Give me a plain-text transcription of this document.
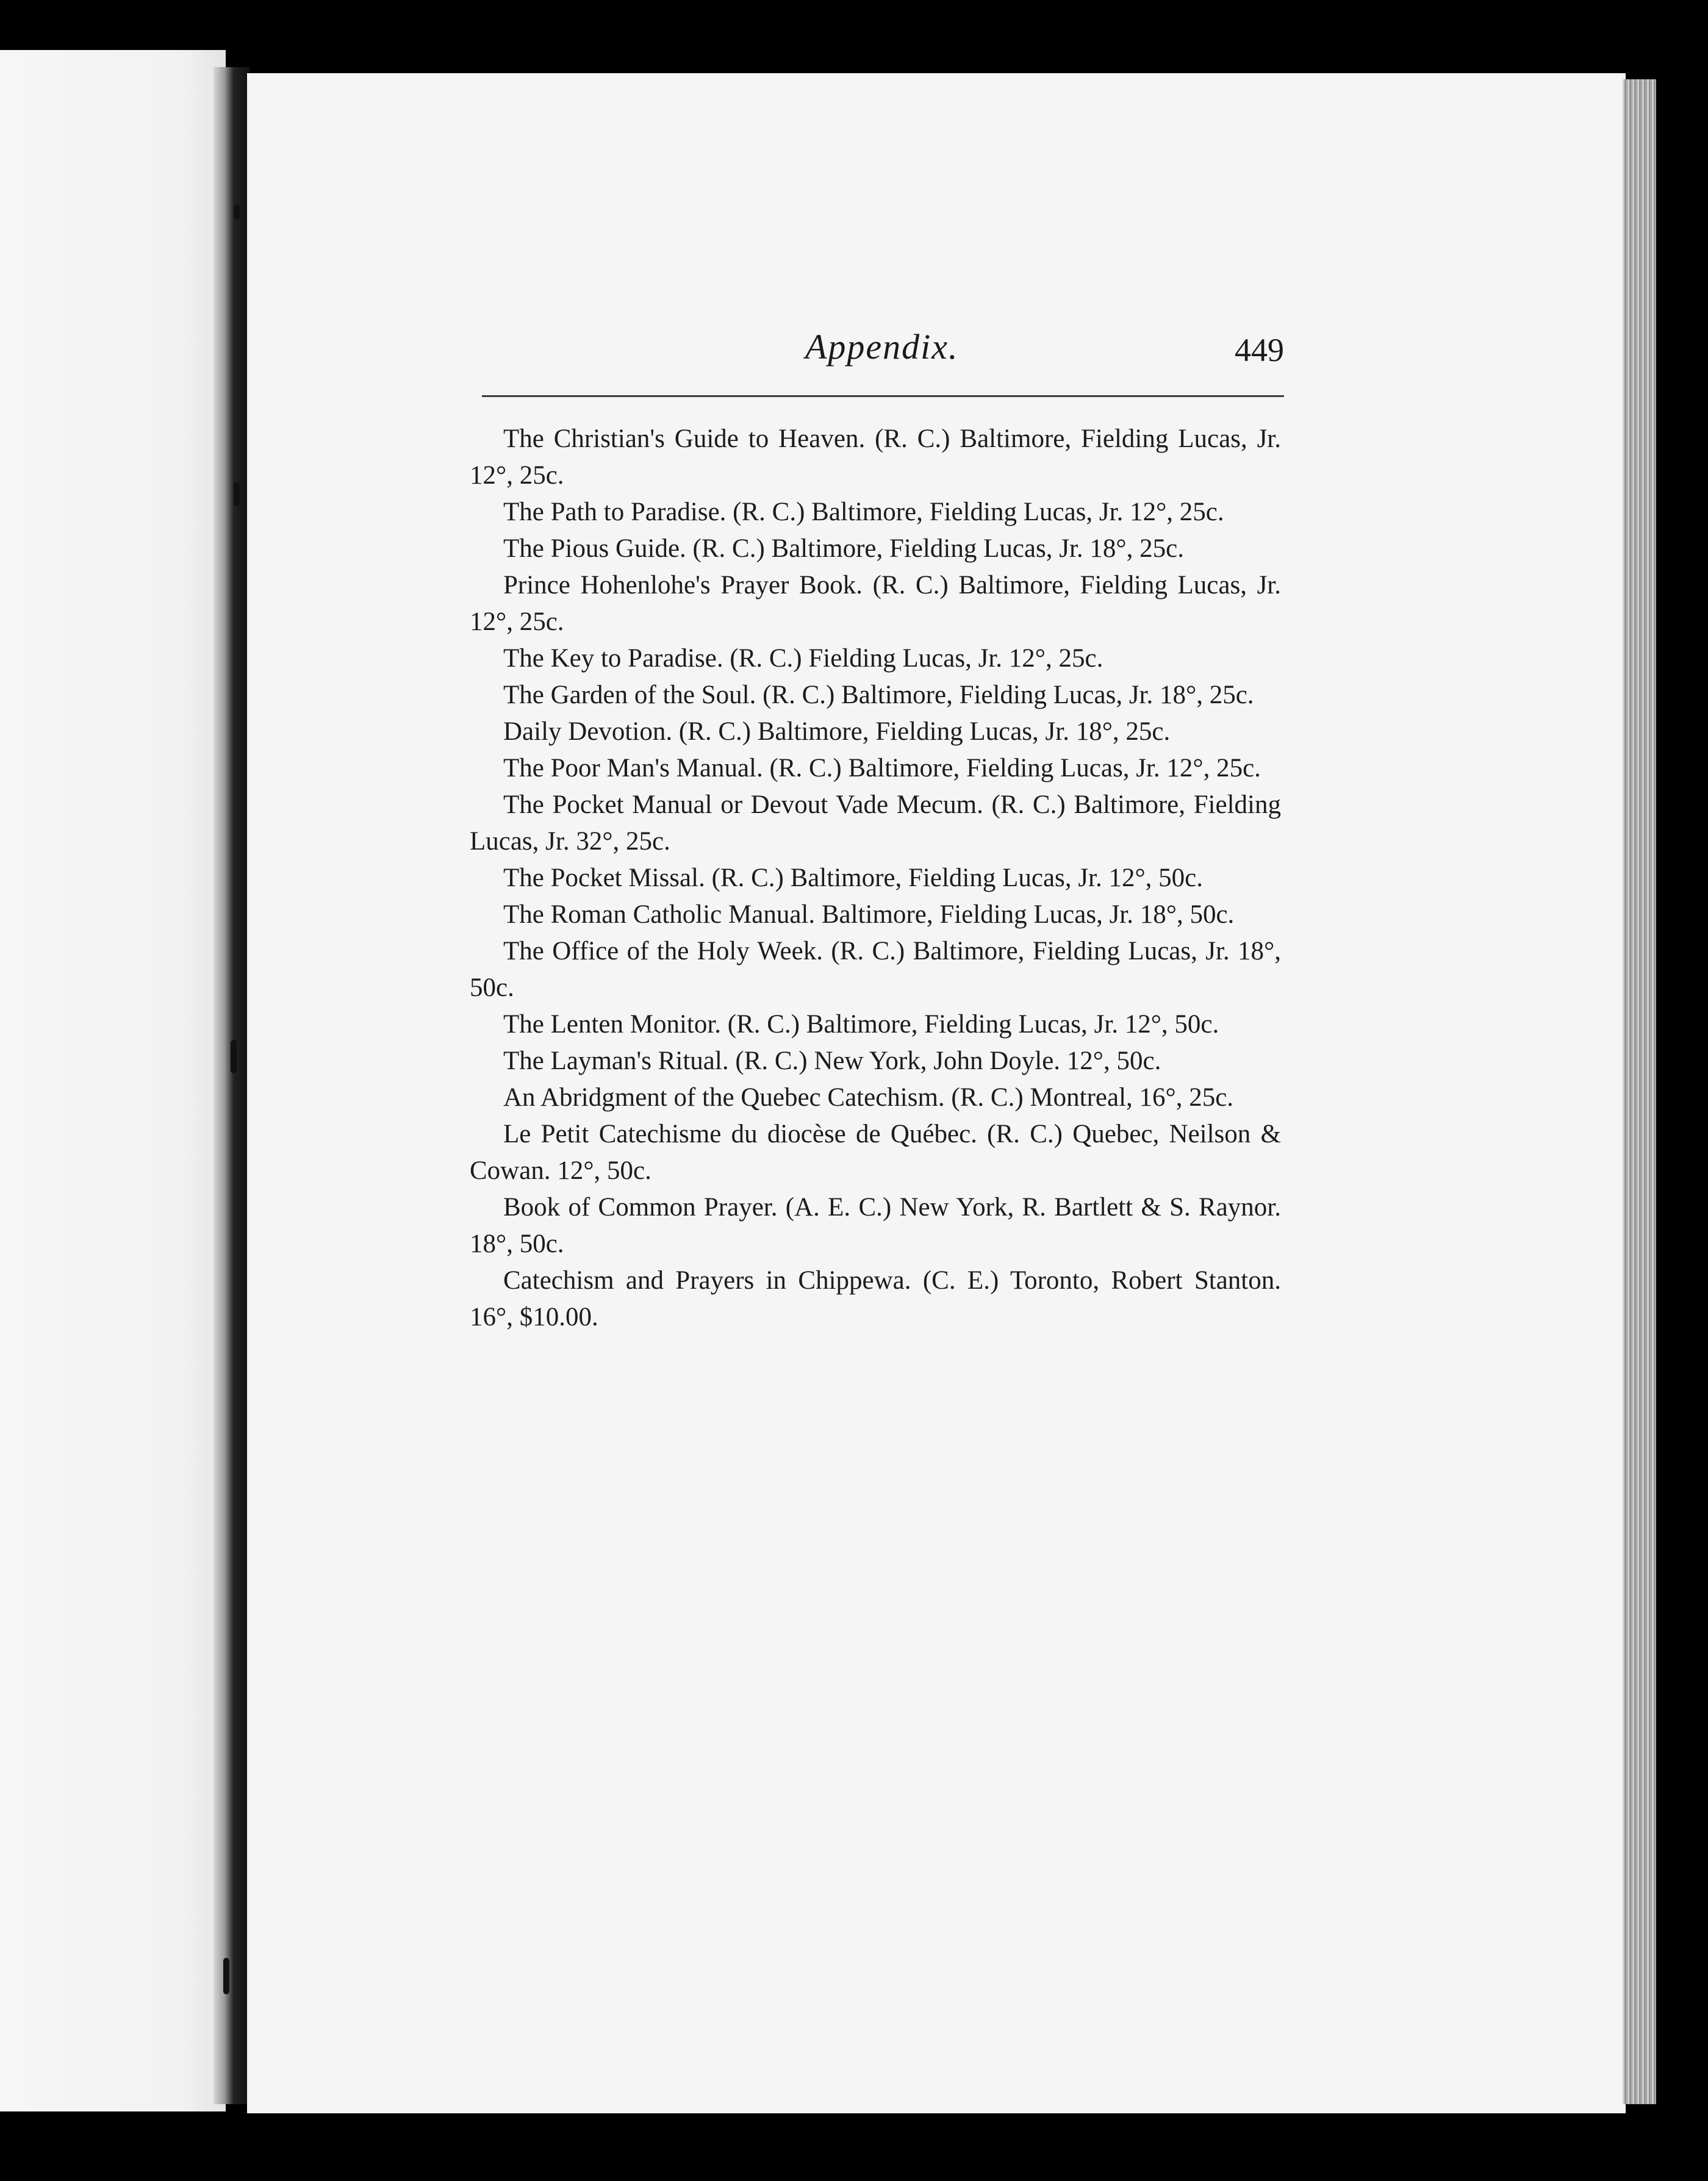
Appendix.	449

The Christian's Guide to Heaven. (R. C.) Baltimore, Fielding Lucas, Jr. 12°, 25c.

The Path to Paradise. (R. C.) Baltimore, Fielding Lucas, Jr. 12°, 25c.

The Pious Guide. (R. C.) Baltimore, Fielding Lucas, Jr. 18°, 25c.

Prince Hohenlohe's Prayer Book. (R. C.) Baltimore, Fielding Lucas, Jr. 12°, 25c.

The Key to Paradise. (R. C.) Fielding Lucas, Jr. 12°, 25c.

The Garden of the Soul. (R. C.) Baltimore, Fielding Lucas, Jr. 18°, 25c.

Daily Devotion. (R. C.) Baltimore, Fielding Lucas, Jr. 18°, 25c.

The Poor Man's Manual. (R. C.) Baltimore, Fielding Lucas, Jr. 12°, 25c.

The Pocket Manual or Devout Vade Mecum. (R. C.) Baltimore, Fielding Lucas, Jr. 32°, 25c.

The Pocket Missal. (R. C.) Baltimore, Fielding Lucas, Jr. 12°, 50c.

The Roman Catholic Manual. Baltimore, Fielding Lucas, Jr. 18°, 50c.

The Office of the Holy Week. (R. C.) Baltimore, Fielding Lucas, Jr. 18°, 50c.

The Lenten Monitor. (R. C.) Baltimore, Fielding Lucas, Jr. 12°, 50c.

The Layman's Ritual. (R. C.) New York, John Doyle. 12°, 50c.

An Abridgment of the Quebec Catechism. (R. C.) Montreal, 16°, 25c.

Le Petit Catechisme du diocèse de Québec. (R. C.) Quebec, Neilson & Cowan. 12°, 50c.

Book of Common Prayer. (A. E. C.) New York, R. Bartlett & S. Raynor. 18°, 50c.

Catechism and Prayers in Chippewa. (C. E.) Toronto, Robert Stanton. 16°, $10.00.
